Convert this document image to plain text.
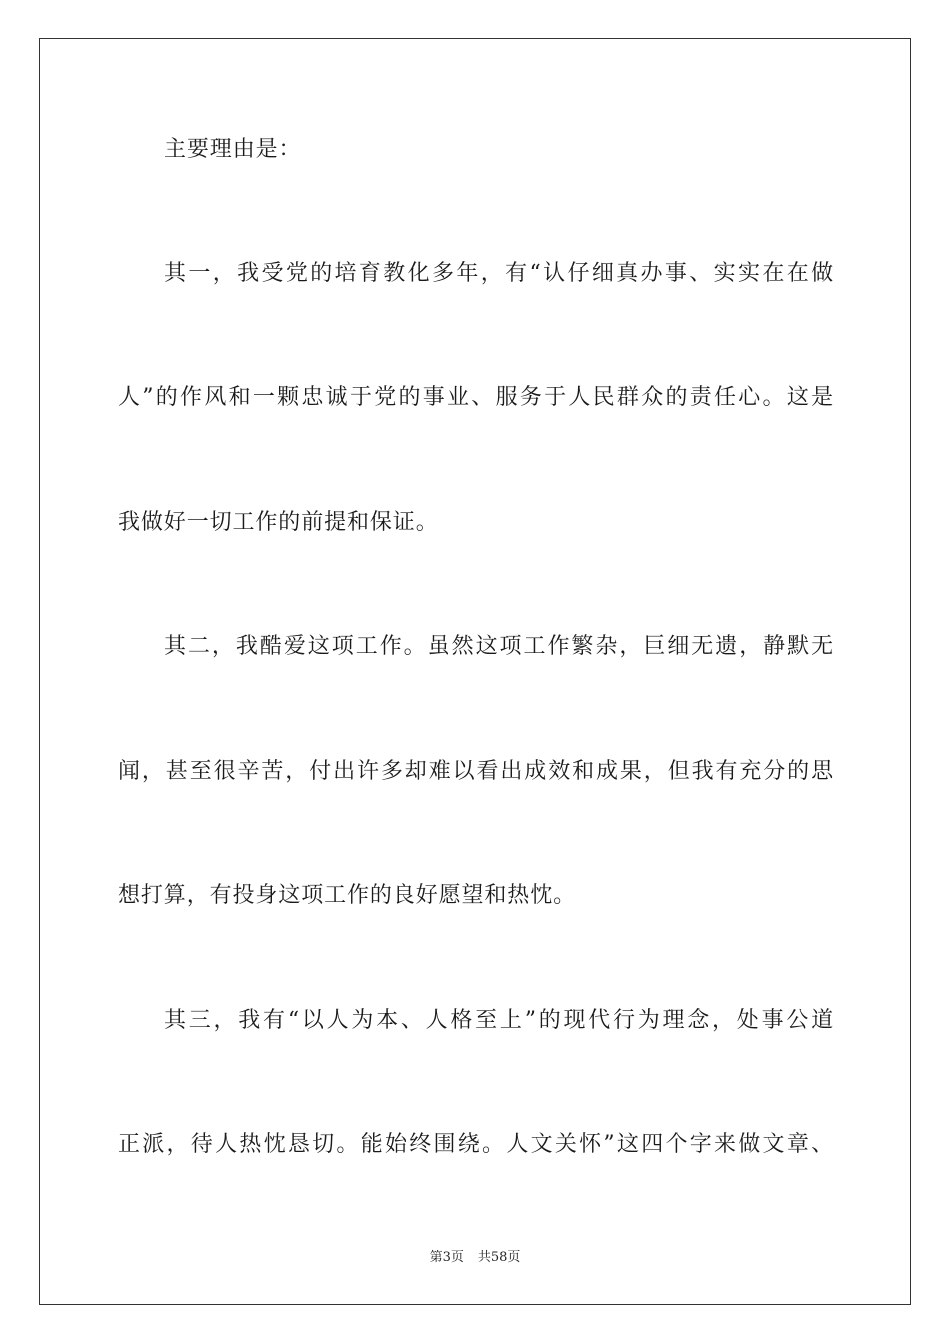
主要理由是：
其一，我受党的培育教化多年，有“认仔细真办事、实实在在做
人”的作风和一颗忠诚于党的事业、服务于人民群众的责任心。这是
我做好一切工作的前提和保证。
其二，我酷爱这项工作。虽然这项工作繁杂，巨细无遗，静默无
闻，甚至很辛苦，付出许多却难以看出成效和成果，但我有充分的思
想打算，有投身这项工作的良好愿望和热忱。
其三，我有“以人为本、人格至上”的现代行为理念，处事公道
正派，待人热忱恳切。能始终围绕。人文关怀”这四个字来做文章、
第3页 共58页
